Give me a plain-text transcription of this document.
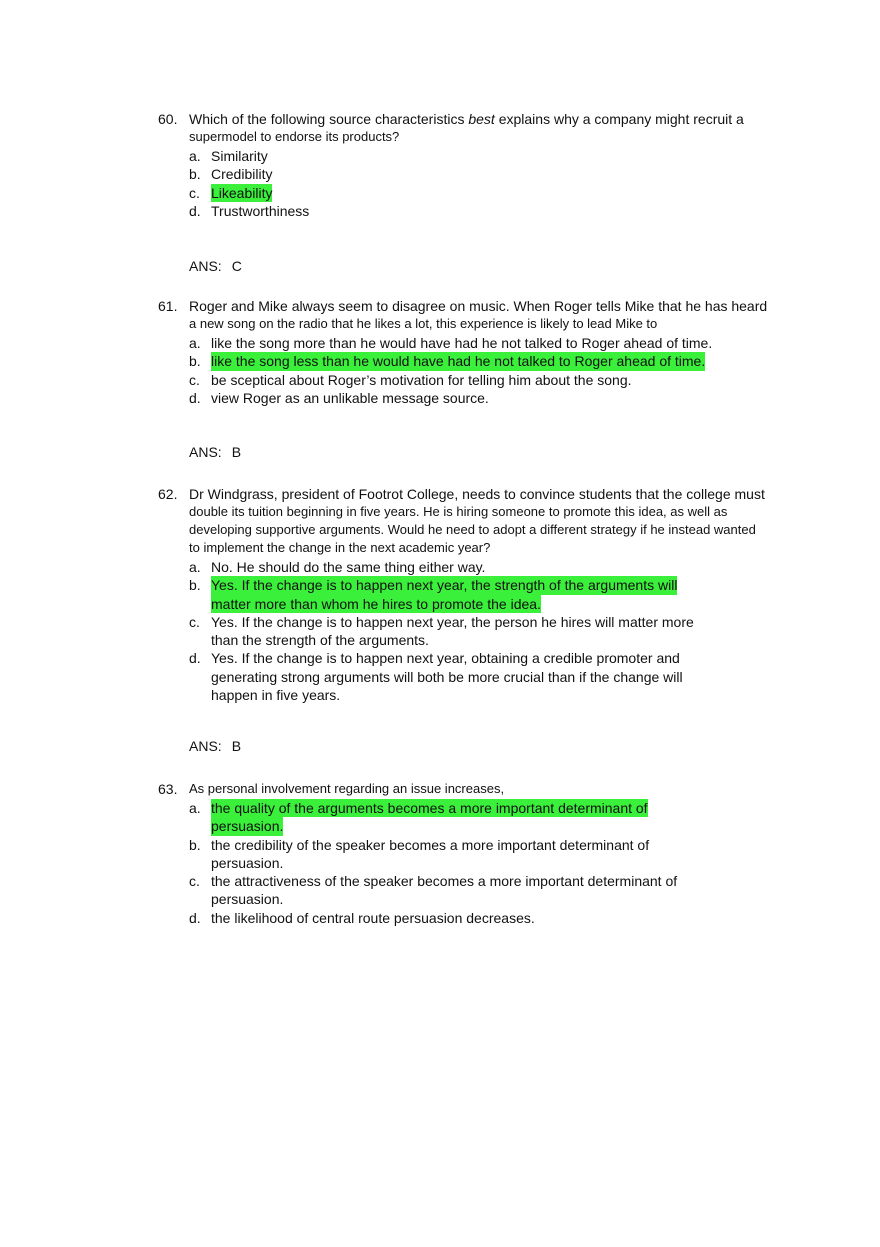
60. Which of the following source characteristics best explains why a company might recruit a
supermodel to endorse its products?
a. Similarity
b. Credibility
c. Likeability
d. Trustworthiness
ANS: C
61. Roger and Mike always seem to disagree on music. When Roger tells Mike that he has heard
a new song on the radio that he likes a lot, this experience is likely to lead Mike to
a. like the song more than he would have had he not talked to Roger ahead of time.
b. like the song less than he would have had he not talked to Roger ahead of time.
c. be sceptical about Roger’s motivation for telling him about the song.
d. view Roger as an unlikable message source.
ANS: B
62. Dr Windgrass, president of Footrot College, needs to convince students that the college must
double its tuition beginning in five years. He is hiring someone to promote this idea, as well as
developing supportive arguments. Would he need to adopt a different strategy if he instead wanted
to implement the change in the next academic year?
a. No. He should do the same thing either way.
b. Yes. If the change is to happen next year, the strength of the arguments will
matter more than whom he hires to promote the idea.
c. Yes. If the change is to happen next year, the person he hires will matter more
than the strength of the arguments.
d. Yes. If the change is to happen next year, obtaining a credible promoter and
generating strong arguments will both be more crucial than if the change will
happen in five years.
ANS: B
63. As personal involvement regarding an issue increases,
a. the quality of the arguments becomes a more important determinant of
persuasion.
b. the credibility of the speaker becomes a more important determinant of
persuasion.
c. the attractiveness of the speaker becomes a more important determinant of
persuasion.
d. the likelihood of central route persuasion decreases.
